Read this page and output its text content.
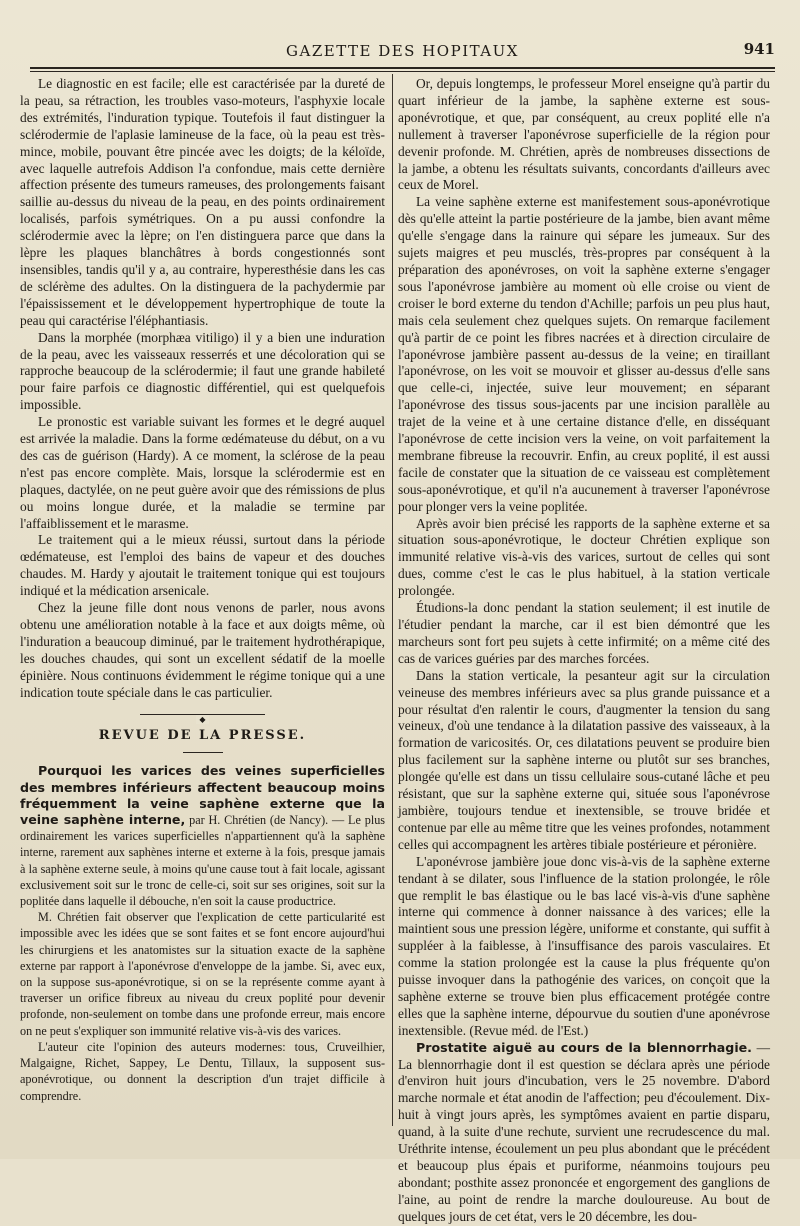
GAZETTE DES HOPITAUX	941

Le diagnostic en est facile; elle est caractérisée par la dureté de la peau, sa rétraction, les troubles vaso-moteurs, l'asphyxie locale des extrémités, l'induration typique. Toutefois il faut distinguer la sclérodermie de l'aplasie lamineuse de la face, où la peau est très-mince, mobile, pouvant être pincée avec les doigts; de la kéloïde, avec laquelle autrefois Addison l'a confondue, mais cette dernière affection présente des tumeurs rameuses, des prolongements faisant saillie au-dessus du niveau de la peau, en des points ordinairement localisés, parfois symétriques. On a pu aussi confondre la sclérodermie avec la lèpre; on l'en distinguera parce que dans la lèpre les plaques blanchâtres à bords congestionnés sont insensibles, tandis qu'il y a, au contraire, hyperesthésie dans les cas de sclérème des adultes. On la distinguera de la pachydermie par l'épaississement et le développement hypertrophique de toute la peau qui caractérise l'éléphantiasis.

Dans la morphée (morphæa vitiligo) il y a bien une induration de la peau, avec les vaisseaux resserrés et une décoloration qui se rapproche beaucoup de la sclérodermie; il faut une grande habileté pour faire parfois ce diagnostic différentiel, qui est quelquefois impossible.

Le pronostic est variable suivant les formes et le degré auquel est arrivée la maladie. Dans la forme œdémateuse du début, on a vu des cas de guérison (Hardy). A ce moment, la sclérose de la peau n'est pas encore complète. Mais, lorsque la sclérodermie est en plaques, dactylée, on ne peut guère avoir que des rémissions de plus ou moins longue durée, et la maladie se termine par l'affaiblissement et le marasme.

Le traitement qui a le mieux réussi, surtout dans la période œdémateuse, est l'emploi des bains de vapeur et des douches chaudes. M. Hardy y ajoutait le traitement tonique qui est toujours indiqué et la médication arsenicale.

Chez la jeune fille dont nous venons de parler, nous avons obtenu une amélioration notable à la face et aux doigts même, où l'induration a beaucoup diminué, par le traitement hydrothérapique, les douches chaudes, qui sont un excellent sédatif de la moelle épinière. Nous continuons évidemment le régime tonique qui a une indication toute spéciale dans le cas particulier.

◆
REVUE DE LA PRESSE.

Pourquoi les varices des veines superficielles des membres inférieurs affectent beaucoup moins fréquemment la veine saphène externe que la veine saphène interne, par H. Chrétien (de Nancy). — Le plus ordinairement les varices superficielles n'appartiennent qu'à la saphène interne, rarement aux saphènes interne et externe à la fois, presque jamais à la saphène externe seule, à moins qu'une cause tout à fait locale, agissant exclusivement soit sur le tronc de celle-ci, soit sur ses origines, soit sur la poplitée dans laquelle il débouche, n'en soit la cause productrice.

M. Chrétien fait observer que l'explication de cette particularité est impossible avec les idées que se sont faites et se font encore aujourd'hui les chirurgiens et les anatomistes sur la situation exacte de la saphène externe par rapport à l'aponévrose d'enveloppe de la jambe. Si, avec eux, on la suppose sus-aponévrotique, si on se la représente comme ayant à traverser un orifice fibreux au niveau du creux poplité pour devenir profonde, non-seulement on tombe dans une profonde erreur, mais encore on ne peut s'expliquer son immunité relative vis-à-vis des varices.

L'auteur cite l'opinion des auteurs modernes: tous, Cruveilhier, Malgaigne, Richet, Sappey, Le Dentu, Tillaux, la supposent sus-aponévrotique, ou donnent la description d'un trajet difficile à comprendre.

Or, depuis longtemps, le professeur Morel enseigne qu'à partir du quart inférieur de la jambe, la saphène externe est sous-aponévrotique, et que, par conséquent, au creux poplité elle n'a nullement à traverser l'aponévrose superficielle de la région pour devenir profonde. M. Chrétien, après de nombreuses dissections de la jambe, a obtenu les résultats suivants, concordants d'ailleurs avec ceux de Morel.

La veine saphène externe est manifestement sous-aponévrotique dès qu'elle atteint la partie postérieure de la jambe, bien avant même qu'elle s'engage dans la rainure qui sépare les jumeaux. Sur des sujets maigres et peu musclés, très-propres par conséquent à la préparation des aponévroses, on voit la saphène externe s'engager sous l'aponévrose jambière au moment où elle croise ou vient de croiser le bord externe du tendon d'Achille; parfois un peu plus haut, mais cela seulement chez quelques sujets. On remarque facilement qu'à partir de ce point les fibres nacrées et à direction circulaire de l'aponévrose jambière passent au-dessus de la veine; en tiraillant l'aponévrose, on les voit se mouvoir et glisser au-dessus d'elle sans que celle-ci, injectée, suive leur mouvement; en séparant l'aponévrose des tissus sous-jacents par une incision parallèle au trajet de la veine et à une certaine distance d'elle, en disséquant l'aponévrose de cette incision vers la veine, on voit parfaitement la membrane fibreuse la recouvrir. Enfin, au creux poplité, il est aussi facile de constater que la situation de ce vaisseau est complètement sous-aponévrotique, et qu'il n'a aucunement à traverser l'aponévrose pour plonger vers la veine poplitée.

Après avoir bien précisé les rapports de la saphène externe et sa situation sous-aponévrotique, le docteur Chrétien explique son immunité relative vis-à-vis des varices, surtout de celles qui sont dues, comme c'est le cas le plus habituel, à la station verticale prolongée.

Étudions-la donc pendant la station seulement; il est inutile de l'étudier pendant la marche, car il est bien démontré que les marcheurs sont fort peu sujets à cette infirmité; on a même cité des cas de varices guéries par des marches forcées.

Dans la station verticale, la pesanteur agit sur la circulation veineuse des membres inférieurs avec sa plus grande puissance et a pour résultat d'en ralentir le cours, d'augmenter la tension du sang veineux, d'où une tendance à la dilatation passive des vaisseaux, à la formation de varicosités. Or, ces dilatations peuvent se produire bien plus facilement sur la saphène interne ou plutôt sur ses branches, plongée qu'elle est dans un tissu cellulaire sous-cutané lâche et peu résistant, que sur la saphène externe qui, située sous l'aponévrose jambière, toujours tendue et inextensible, se trouve bridée et contenue par elle au même titre que les veines profondes, notamment celles qui accompagnent les artères tibiale postérieure et péronière.

L'aponévrose jambière joue donc vis-à-vis de la saphène externe tendant à se dilater, sous l'influence de la station prolongée, le rôle que remplit le bas élastique ou le bas lacé vis-à-vis d'une saphène interne qui commence à donner naissance à des varices; elle la maintient sous une pression légère, uniforme et constante, qui suffit à suppléer à la faiblesse, à l'insuffisance des parois vasculaires. Et comme la station prolongée est la cause la plus fréquente qu'on puisse invoquer dans la pathogénie des varices, on conçoit que la saphène externe se trouve bien plus efficacement protégée contre elles que la saphène interne, dépourvue du soutien d'une aponévrose inextensible. (Revue méd. de l'Est.)

Prostatite aiguë au cours de la blennorrhagie. — La blennorrhagie dont il est question se déclara après une période d'environ huit jours d'incubation, vers le 25 novembre. D'abord marche normale et état anodin de l'affection; peu d'écoulement. Dix-huit à vingt jours après, les symptômes avaient en partie disparu, quand, à la suite d'une rechute, survient une recrudescence du mal. Uréthrite intense, écoulement un peu plus abondant que le précédent et beaucoup plus épais et puriforme, néanmoins toujours peu abondant; posthite assez prononcée et engorgement des ganglions de l'aine, au point de rendre la marche douloureuse. Au bout de quelques jours de cet état, vers le 20 décembre, les dou-
